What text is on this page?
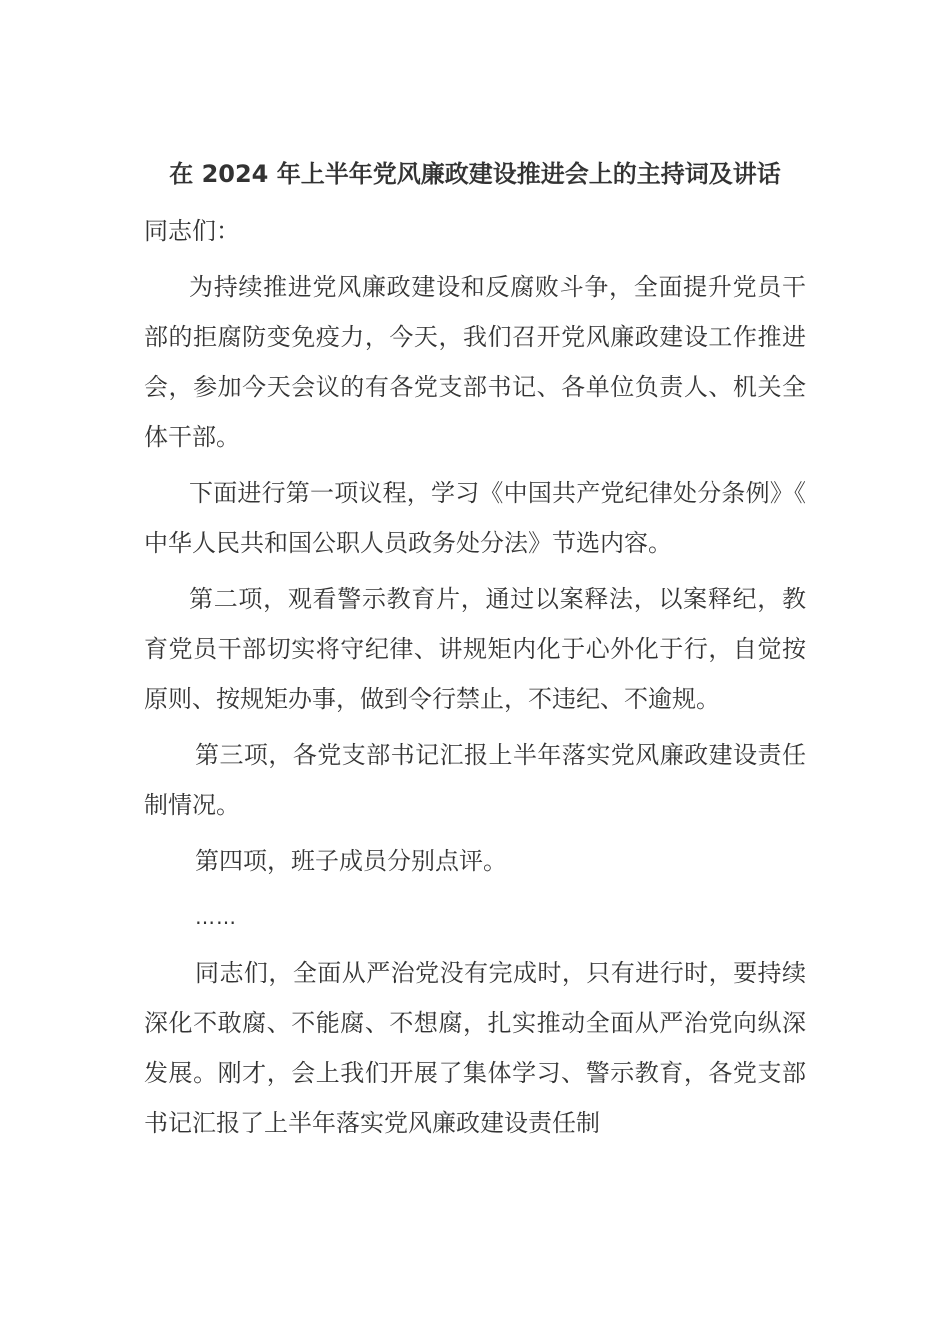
在 2024 年上半年党风廉政建设推进会上的主持词及讲话

同志们：

为持续推进党风廉政建设和反腐败斗争，全面提升党员干部的拒腐防变免疫力，今天，我们召开党风廉政建设工作推进会，参加今天会议的有各党支部书记、各单位负责人、机关全体干部。

下面进行第一项议程，学习《中国共产党纪律处分条例》《中华人民共和国公职人员政务处分法》节选内容。

第二项，观看警示教育片，通过以案释法，以案释纪，教育党员干部切实将守纪律、讲规矩内化于心外化于行，自觉按原则、按规矩办事，做到令行禁止，不违纪、不逾规。

第三项，各党支部书记汇报上半年落实党风廉政建设责任制情况。

第四项，班子成员分别点评。

……

同志们，全面从严治党没有完成时，只有进行时，要持续深化不敢腐、不能腐、不想腐，扎实推动全面从严治党向纵深发展。刚才，会上我们开展了集体学习、警示教育，各党支部书记汇报了上半年落实党风廉政建设责任制
